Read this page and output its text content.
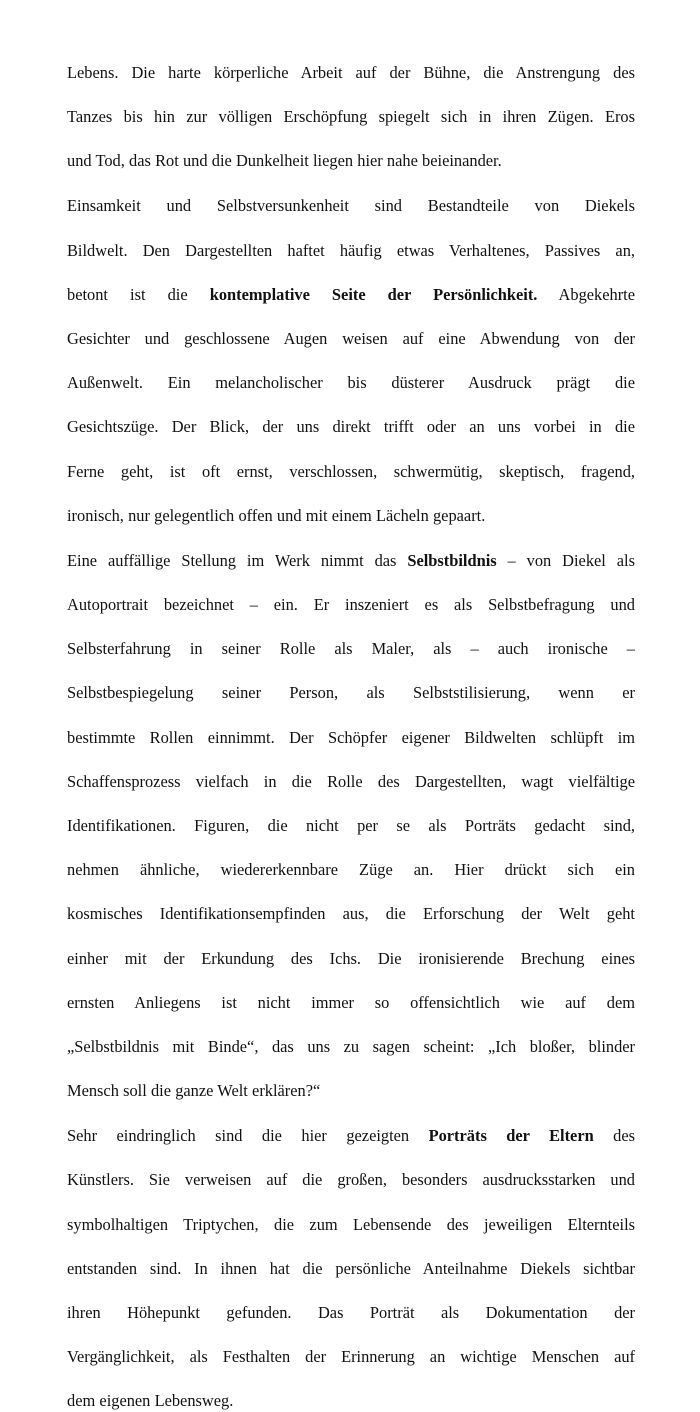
Lebens. Die harte körperliche Arbeit auf der Bühne, die Anstrengung des
Tanzes bis hin zur völligen Erschöpfung spiegelt sich in ihren Zügen. Eros
und Tod, das Rot und die Dunkelheit liegen hier nahe beieinander.

Einsamkeit und Selbstversunkenheit sind Bestandteile von Diekels
Bildwelt. Den Dargestellten haftet häufig etwas Verhaltenes, Passives an,
betont ist die kontemplative Seite der Persönlichkeit. Abgekehrte
Gesichter und geschlossene Augen weisen auf eine Abwendung von der
Außenwelt. Ein melancholischer bis düsterer Ausdruck prägt die
Gesichtszüge. Der Blick, der uns direkt trifft oder an uns vorbei in die
Ferne geht, ist oft ernst, verschlossen, schwermütig, skeptisch, fragend,
ironisch, nur gelegentlich offen und mit einem Lächeln gepaart.

Eine auffällige Stellung im Werk nimmt das Selbstbildnis – von Diekel als
Autoportrait bezeichnet – ein. Er inszeniert es als Selbstbefragung und
Selbsterfahrung in seiner Rolle als Maler, als – auch ironische –
Selbstbespiegelung seiner Person, als Selbststilisierung, wenn er
bestimmte Rollen einnimmt. Der Schöpfer eigener Bildwelten schlüpft im
Schaffensprozess vielfach in die Rolle des Dargestellten, wagt vielfältige
Identifikationen. Figuren, die nicht per se als Porträts gedacht sind,
nehmen ähnliche, wiedererkennbare Züge an. Hier drückt sich ein
kosmisches Identifikationsempfinden aus, die Erforschung der Welt geht
einher mit der Erkundung des Ichs. Die ironisierende Brechung eines
ernsten Anliegens ist nicht immer so offensichtlich wie auf dem
„Selbstbildnis mit Binde“, das uns zu sagen scheint: „Ich bloßer, blinder
Mensch soll die ganze Welt erklären?“

Sehr eindringlich sind die hier gezeigten Porträts der Eltern des
Künstlers. Sie verweisen auf die großen, besonders ausdrucksstarken und
symbolhaltigen Triptychen, die zum Lebensende des jeweiligen Elternteils
entstanden sind. In ihnen hat die persönliche Anteilnahme Diekels sichtbar
ihren Höhepunkt gefunden. Das Porträt als Dokumentation der
Vergänglichkeit, als Festhalten der Erinnerung an wichtige Menschen auf
dem eigenen Lebensweg.
